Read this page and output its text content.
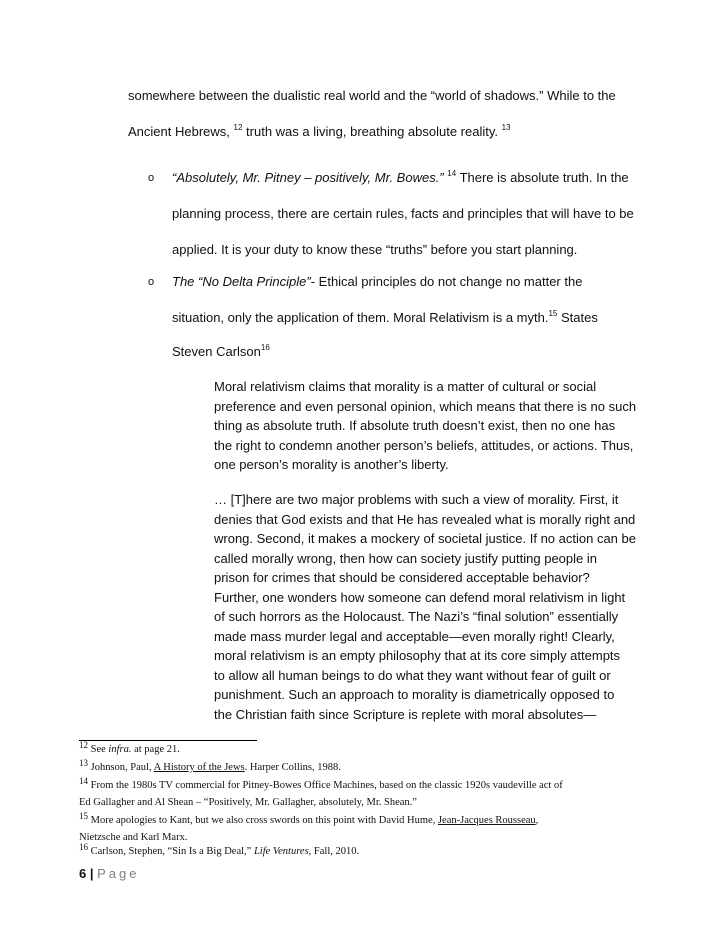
somewhere between the dualistic real world and the “world of shadows.” While to the
Ancient Hebrews, $^{12}$ truth was a living, breathing absolute reality. $^{13}$
o “Absolutely, Mr. Pitney – positively, Mr. Bowes.” $^{14}$ There is absolute truth. In the
planning process, there are certain rules, facts and principles that will have to be
applied. It is your duty to know these “truths” before you start planning.
o The “No Delta Principle”- Ethical principles do not change no matter the
situation, only the application of them. Moral Relativism is a myth.$^{15}$ States
Steven Carlson$^{16}$
Moral relativism claims that morality is a matter of cultural or social
preference and even personal opinion, which means that there is no such
thing as absolute truth. If absolute truth doesn’t exist, then no one has
the right to condemn another person’s beliefs, attitudes, or actions. Thus,
one person’s morality is another’s liberty.
… [T]here are two major problems with such a view of morality. First, it
denies that God exists and that He has revealed what is morally right and
wrong. Second, it makes a mockery of societal justice. If no action can be
called morally wrong, then how can society justify putting people in
prison for crimes that should be considered acceptable behavior?
Further, one wonders how someone can defend moral relativism in light
of such horrors as the Holocaust. The Nazi’s “final solution” essentially
made mass murder legal and acceptable—even morally right! Clearly,
moral relativism is an empty philosophy that at its core simply attempts
to allow all human beings to do what they want without fear of guilt or
punishment. Such an approach to morality is diametrically opposed to
the Christian faith since Scripture is replete with moral absolutes—
$^{12}$ See infra. at page 21.
$^{13}$ Johnson, Paul, A History of the Jews. Harper Collins, 1988.
$^{14}$ From the 1980s TV commercial for Pitney-Bowes Office Machines, based on the classic 1920s vaudeville act of
Ed Gallagher and Al Shean – “Positively, Mr. Gallagher, absolutely, Mr. Shean.”
$^{15}$ More apologies to Kant, but we also cross swords on this point with David Hume, Jean-Jacques Rousseau,
Nietzsche and Karl Marx.
$^{16}$ Carlson, Stephen, “Sin Is a Big Deal,” Life Ventures, Fall, 2010.
6 | Page
